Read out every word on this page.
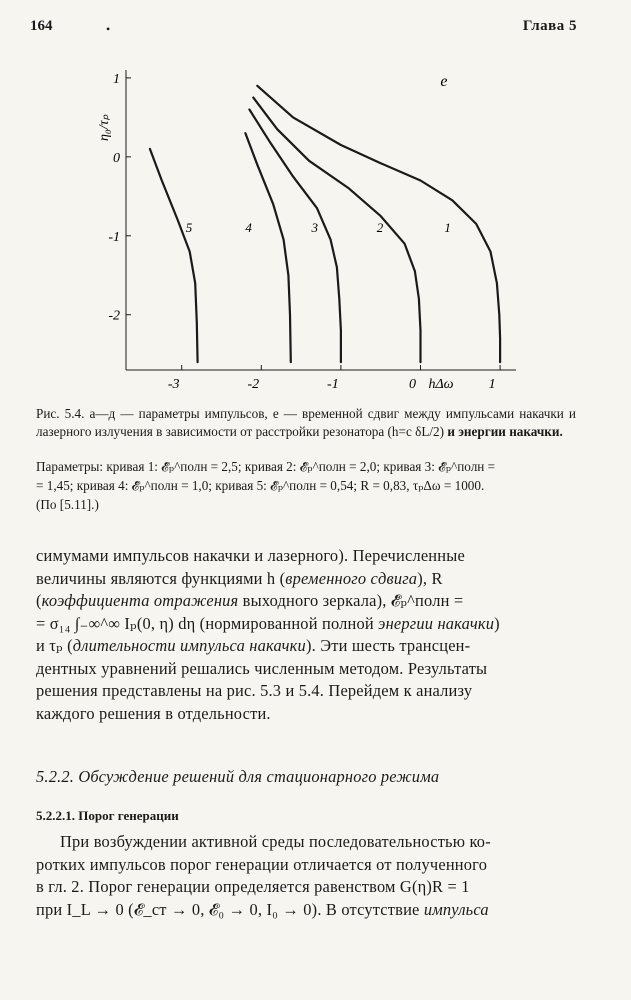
164	•	Глава 5
1
0
-1
-2
-3	-2	-1	0	1
η₀/τₚ
hΔω
е
1
2
3
4
5
Рис. 5.4. а—д — параметры импульсов, е — временной сдвиг между импульсами накачки и лазерного излучения в зависимости от расстройки резонатора (h=c δL/2) и энергии накачки.
Параметры: кривая 1: 𝓔̃ₚ^полн = 2,5; кривая 2: 𝓔̃ₚ^полн = 2,0; кривая 3: 𝓔̃ₚ^полн =
= 1,45; кривая 4: 𝓔̃ₚ^полн = 1,0; кривая 5: 𝓔̃ₚ^полн = 0,54; R = 0,83, τₚΔω = 1000.
(По [5.11].)
симумами импульсов накачки и лазерного). Перечисленные
величины являются функциями h (временного сдвига), R
(коэффициента отражения выходного зеркала), 𝓔̃ₚ^полн =
= σ₁₄ ∫₋∞^∞ Iₚ(0, η) dη (нормированной полной энергии накачки)
и τₚ (длительности импульса накачки). Эти шесть трансцен-
дентных уравнений решались численным методом. Результаты
решения представлены на рис. 5.3 и 5.4. Перейдем к анализу
каждого решения в отдельности.
5.2.2. Обсуждение решений для стационарного режима
5.2.2.1. Порог генерации
При возбуждении активной среды последовательностью ко-
ротких импульсов порог генерации отличается от полученного
в гл. 2. Порог генерации определяется равенством G(η)R = 1
при I_L → 0 (𝓔_ст → 0, 𝓔₀ → 0, I₀ → 0). В отсутствие импульса
